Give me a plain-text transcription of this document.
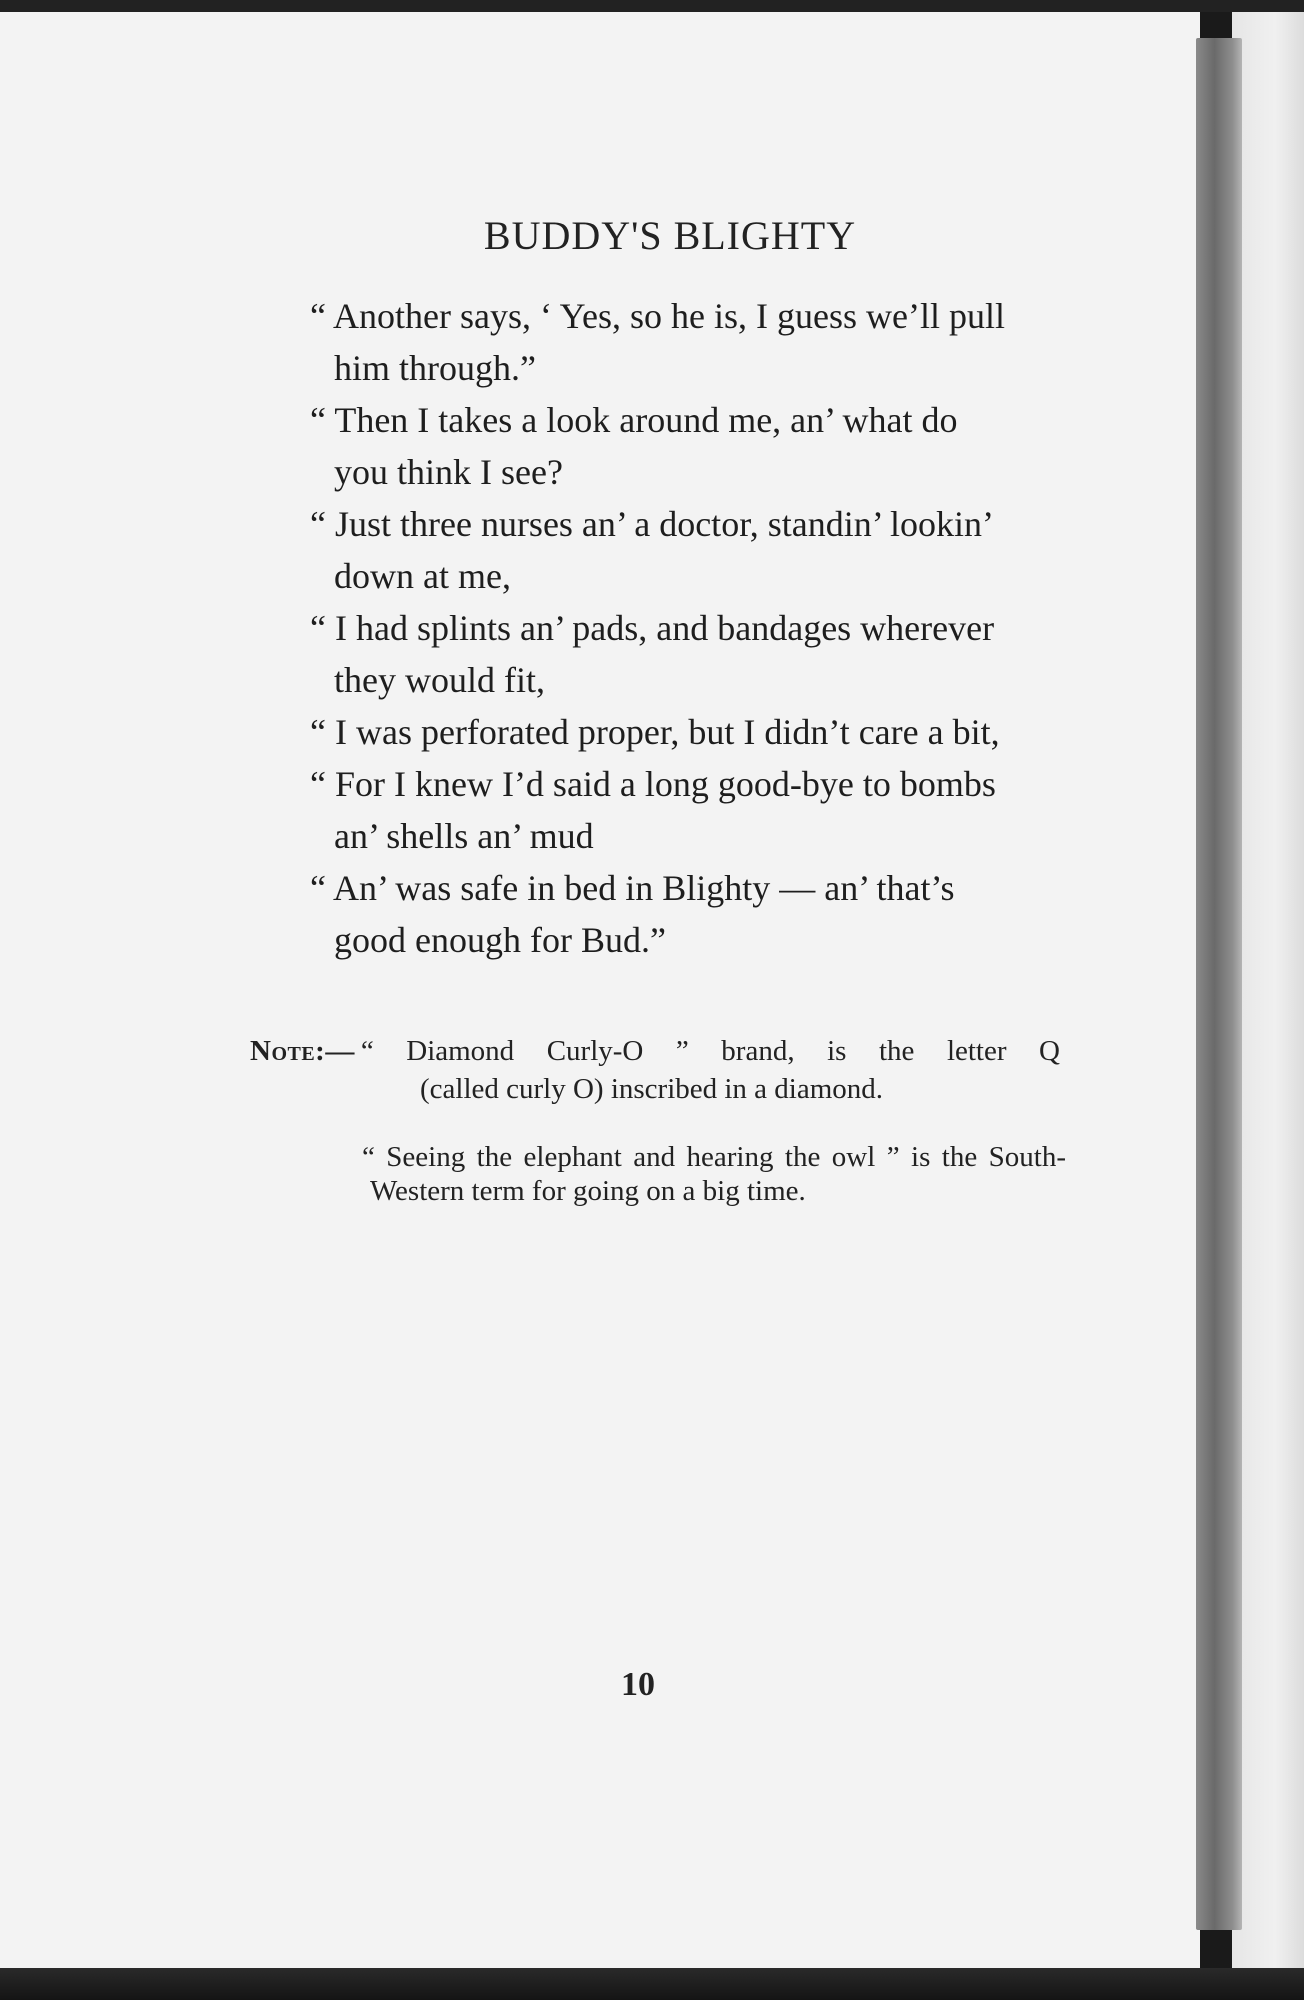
BUDDY'S BLIGHTY
“ Another says, ‘ Yes, so he is, I guess we’ll pull
him through.”
“ Then I takes a look around me, an’ what do
you think I see?
“ Just three nurses an’ a doctor, standin’ lookin’
down at me,
“ I had splints an’ pads, and bandages wherever
they would fit,
“ I was perforated proper, but I didn’t care a bit,
“ For I knew I’d said a long good-bye to bombs
an’ shells an’ mud
“ An’ was safe in bed in Blighty — an’ that’s
good enough for Bud.”
Note:— “ Diamond Curly-O ” brand, is the letter Q
(called curly O) inscribed in a diamond.
“ Seeing the elephant and hearing the owl ” is the South-Western term for going on a big time.
10
